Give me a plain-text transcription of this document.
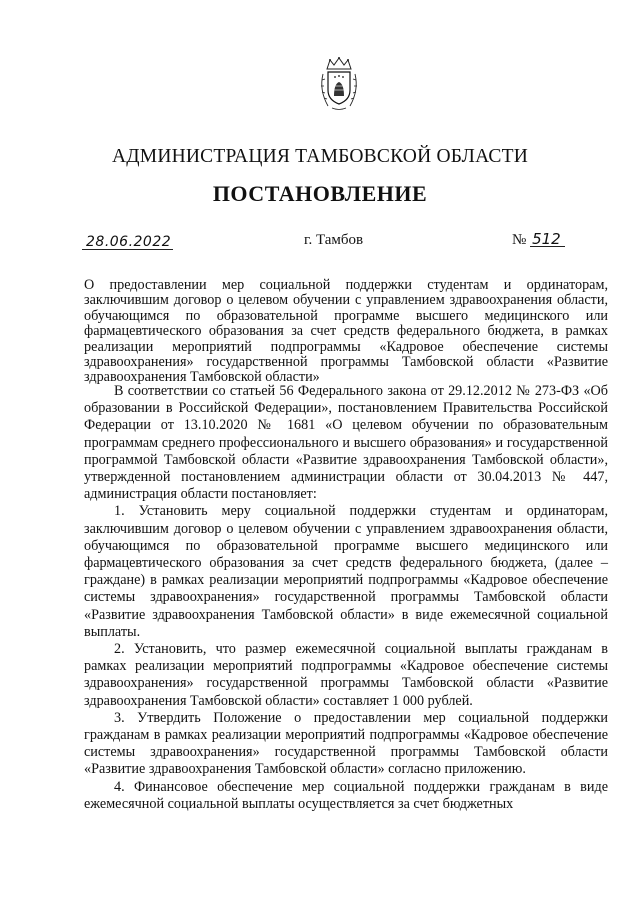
АДМИНИСТРАЦИЯ ТАМБОВСКОЙ ОБЛАСТИ
ПОСТАНОВЛЕНИЕ
28.06.2022	г. Тамбов	№ 512
О предоставлении мер социальной поддержки студентам и ординаторам, заключившим договор о целевом обучении с управлением здравоохранения области, обучающимся по образовательной программе высшего медицинского или фармацевтического образования за счет средств федерального бюджета, в рамках реализации мероприятий подпрограммы «Кадровое обеспечение системы здравоохранения» государственной программы Тамбовской области «Развитие здравоохранения Тамбовской области»

В соответствии со статьей 56 Федерального закона от 29.12.2012 № 273-ФЗ «Об образовании в Российской Федерации», постановлением Правительства Российской Федерации от 13.10.2020 № 1681 «О целевом обучении по образовательным программам среднего профессионального и высшего образования» и государственной программой Тамбовской области «Развитие здравоохранения Тамбовской области», утвержденной постановлением администрации области от 30.04.2013 № 447, администрация области постановляет:

1. Установить меру социальной поддержки студентам и ординаторам, заключившим договор о целевом обучении с управлением здравоохранения области, обучающимся по образовательной программе высшего медицинского или фармацевтического образования за счет средств федерального бюджета, (далее – граждане) в рамках реализации мероприятий подпрограммы «Кадровое обеспечение системы здравоохранения» государственной программы Тамбовской области «Развитие здравоохранения Тамбовской области» в виде ежемесячной социальной выплаты.

2. Установить, что размер ежемесячной социальной выплаты гражданам в рамках реализации мероприятий подпрограммы «Кадровое обеспечение системы здравоохранения» государственной программы Тамбовской области «Развитие здравоохранения Тамбовской области» составляет 1 000 рублей.

3. Утвердить Положение о предоставлении мер социальной поддержки гражданам в рамках реализации мероприятий подпрограммы «Кадровое обеспечение системы здравоохранения» государственной программы Тамбовской области «Развитие здравоохранения Тамбовской области» согласно приложению.

4. Финансовое обеспечение мер социальной поддержки гражданам в виде ежемесячной социальной выплаты осуществляется за счет бюджетных
